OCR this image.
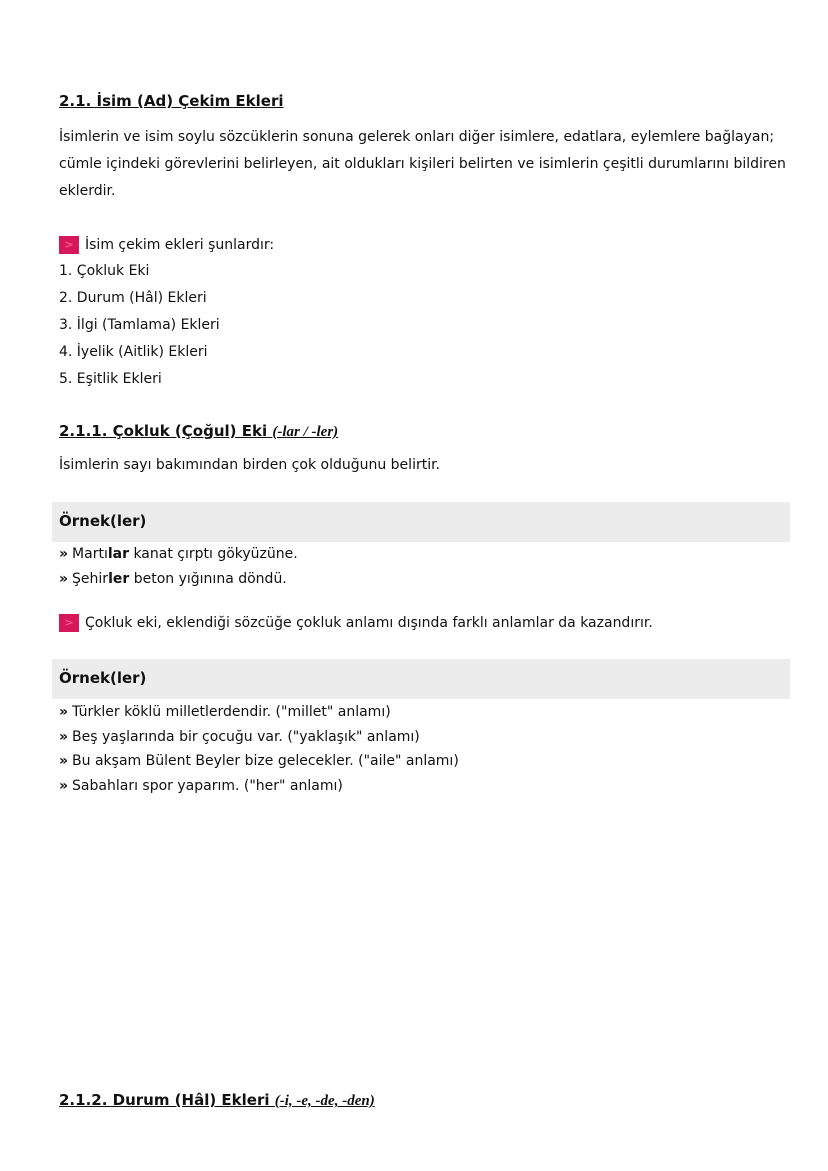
2.1. İsim (Ad) Çekim Ekleri
İsimlerin ve isim soylu sözcüklerin sonuna gelerek onları diğer isimlere, edatlara, eylemlere bağlayan;
cümle içindeki görevlerini belirleyen, ait oldukları kişileri belirten ve isimlerin çeşitli durumlarını bildiren
eklerdir.
> İsim çekim ekleri şunlardır:
1. Çokluk Eki
2. Durum (Hâl) Ekleri
3. İlgi (Tamlama) Ekleri
4. İyelik (Aitlik) Ekleri
5. Eşitlik Ekleri
2.1.1. Çokluk (Çoğul) Eki (-lar / -ler)
İsimlerin sayı bakımından birden çok olduğunu belirtir.
Örnek(ler)
» Martılar kanat çırptı gökyüzüne.
» Şehirler beton yığınına döndü.
> Çokluk eki, eklendiği sözcüğe çokluk anlamı dışında farklı anlamlar da kazandırır.
Örnek(ler)
» Türkler köklü milletlerdendir. ("millet" anlamı)
» Beş yaşlarında bir çocuğu var. ("yaklaşık" anlamı)
» Bu akşam Bülent Beyler bize gelecekler. ("aile" anlamı)
» Sabahları spor yaparım. ("her" anlamı)
2.1.2. Durum (Hâl) Ekleri (-i, -e, -de, -den)
